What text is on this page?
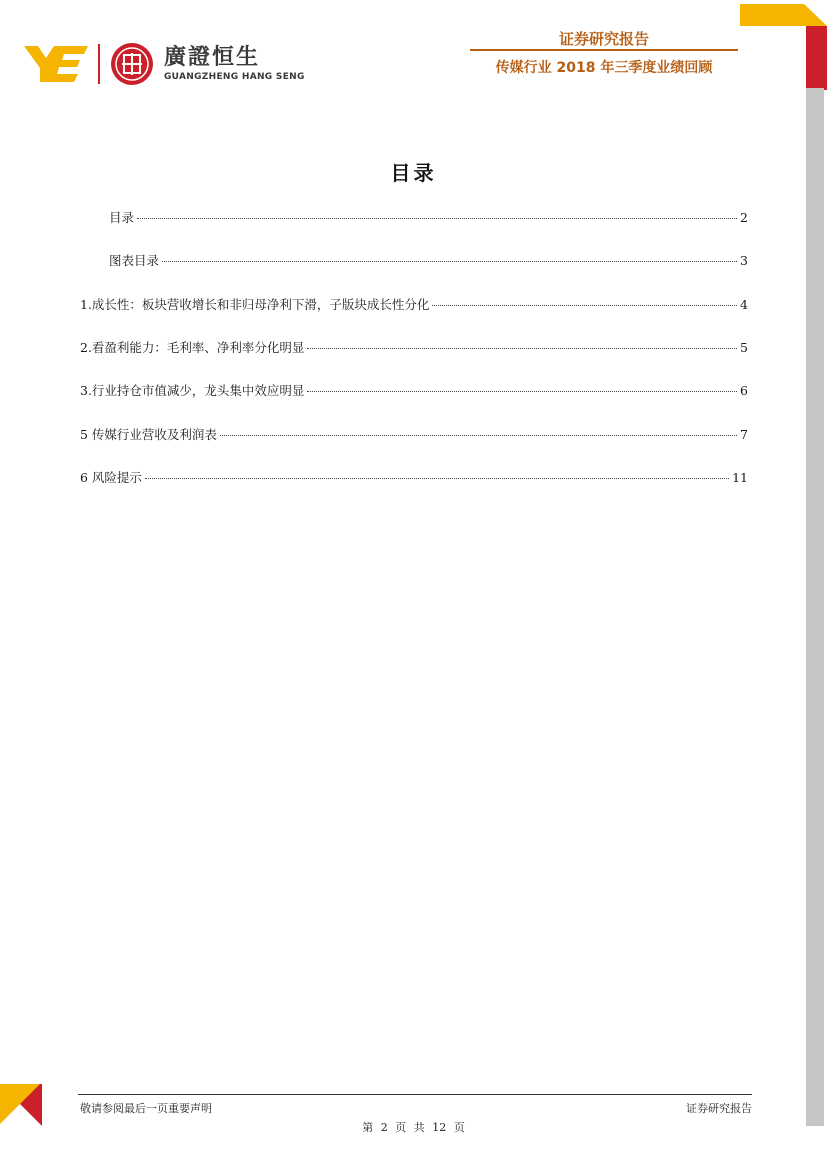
廣證恒生
GUANGZHENG HANG SENG
证券研究报告
传媒行业 2018 年三季度业绩回顾
目录
目录	2
图表目录	3
1.成长性：板块营收增长和非归母净利下滑，子版块成长性分化	4
2.看盈利能力：毛利率、净利率分化明显	5
3.行业持仓市值减少，龙头集中效应明显	6
5 传媒行业营收及利润表	7
6 风险提示	11
敬请参阅最后一页重要声明	证券研究报告
第 2 页 共 12 页
